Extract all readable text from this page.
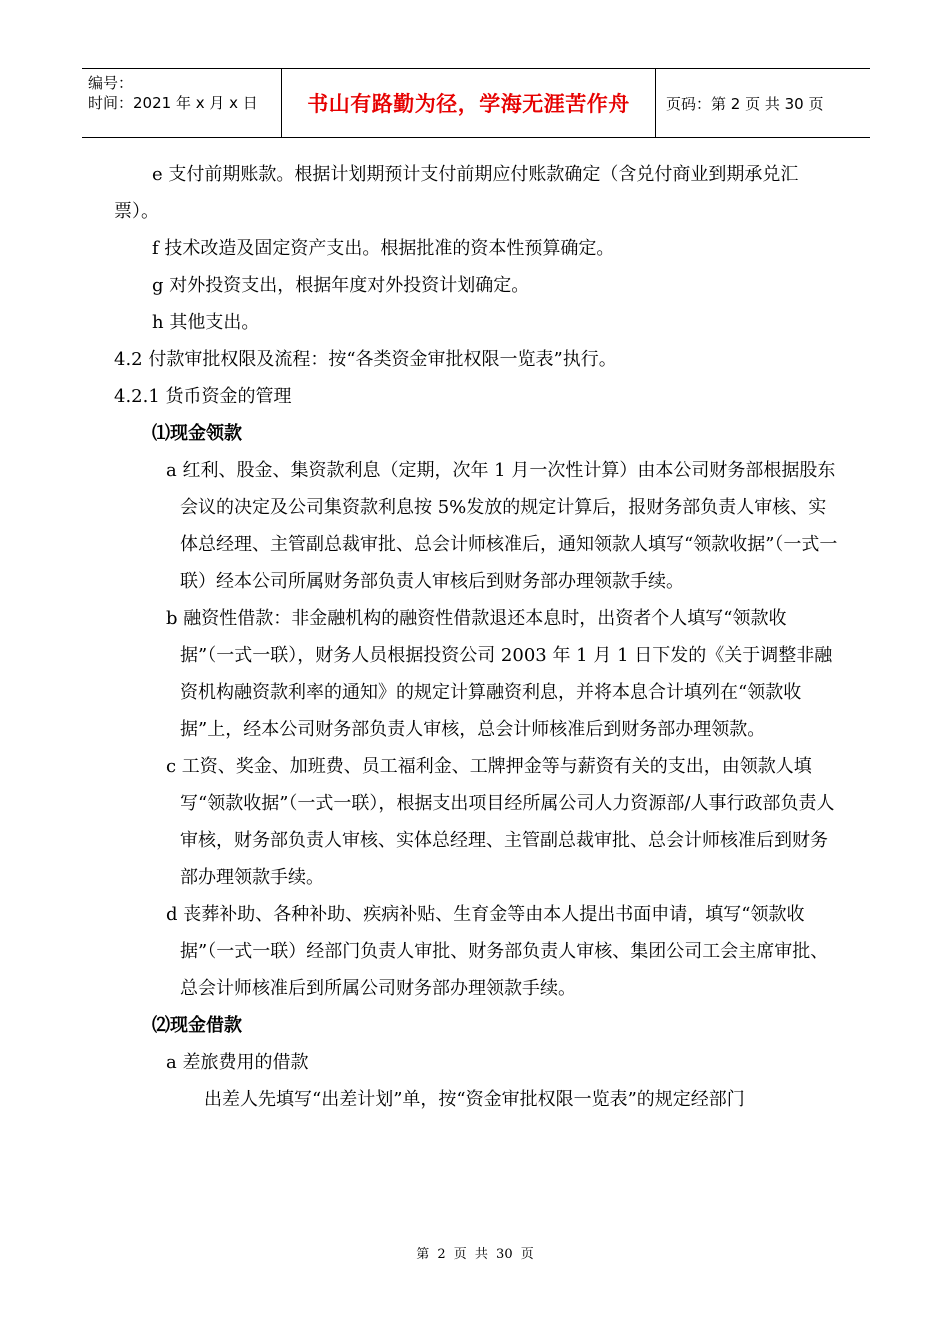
编号：
时间：2021 年 x 月 x 日	书山有路勤为径，学海无涯苦作舟	页码：第 2 页 共 30 页

e 支付前期账款。根据计划期预计支付前期应付账款确定（含兑付商业到期承兑汇票）。

f 技术改造及固定资产支出。根据批准的资本性预算确定。

g 对外投资支出，根据年度对外投资计划确定。

h 其他支出。

4.2 付款审批权限及流程：按“各类资金审批权限一览表”执行。

4.2.1 货币资金的管理

⑴现金领款

a 红利、股金、集资款利息（定期，次年 1 月一次性计算）由本公司财务部根据股东会议的决定及公司集资款利息按 5%发放的规定计算后，报财务部负责人审核、实体总经理、主管副总裁审批、总会计师核准后，通知领款人填写“领款收据”（一式一联）经本公司所属财务部负责人审核后到财务部办理领款手续。

b 融资性借款：非金融机构的融资性借款退还本息时，出资者个人填写“领款收据”（一式一联），财务人员根据投资公司 2003 年 1 月 1 日下发的《关于调整非融资机构融资款利率的通知》的规定计算融资利息，并将本息合计填列在“领款收据”上，经本公司财务部负责人审核，总会计师核准后到财务部办理领款。

c 工资、奖金、加班费、员工福利金、工牌押金等与薪资有关的支出，由领款人填写“领款收据”（一式一联），根据支出项目经所属公司人力资源部/人事行政部负责人审核，财务部负责人审核、实体总经理、主管副总裁审批、总会计师核准后到财务部办理领款手续。

d 丧葬补助、各种补助、疾病补贴、生育金等由本人提出书面申请，填写“领款收据”（一式一联）经部门负责人审批、财务部负责人审核、集团公司工会主席审批、总会计师核准后到所属公司财务部办理领款手续。

⑵现金借款

a 差旅费用的借款

出差人先填写“出差计划”单，按“资金审批权限一览表”的规定经部门

第 2 页 共 30 页
